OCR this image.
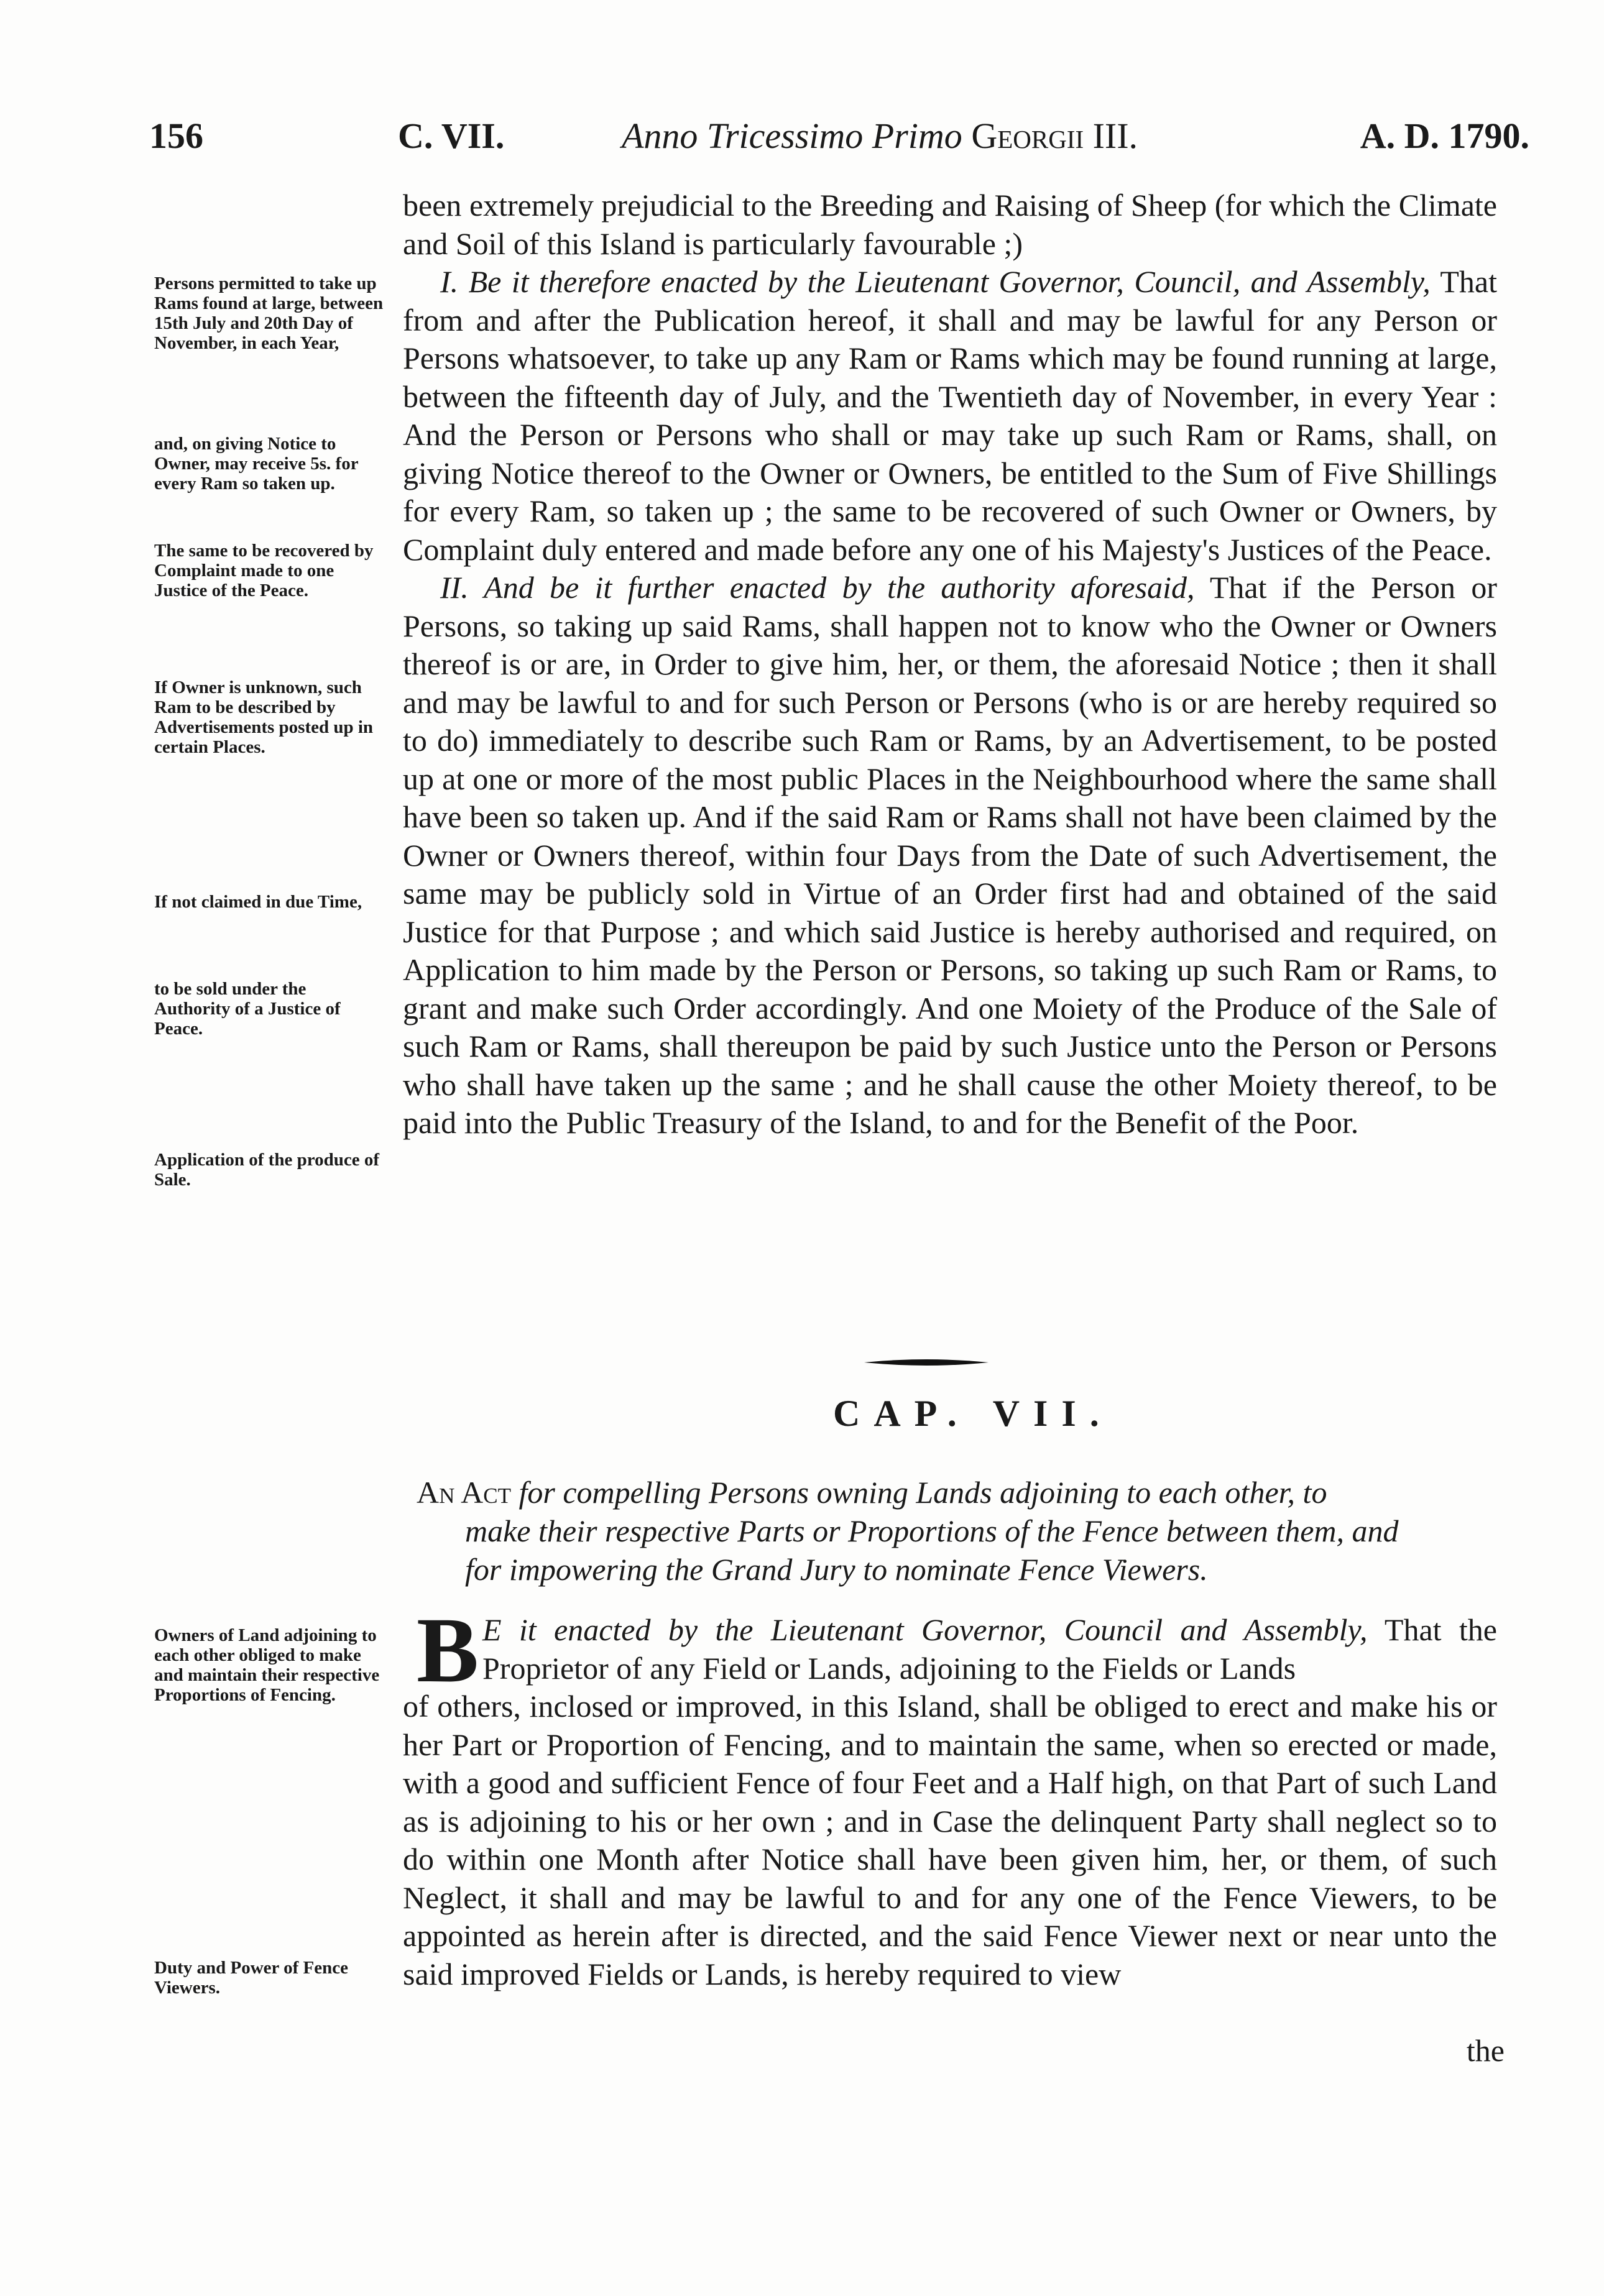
156	C. VII.	Anno Tricessimo Primo Georgii III.	A. D. 1790.

been extremely prejudicial to the Breeding and Raising of Sheep (for which the Climate and Soil of this Island is particularly favourable ;)

I. Be it therefore enacted by the Lieutenant Governor, Council, and Assembly, That from and after the Publication hereof, it shall and may be lawful for any Person or Persons whatsoever, to take up any Ram or Rams which may be found running at large, between the fifteenth day of July, and the Twentieth day of November, in every Year : And the Person or Persons who shall or may take up such Ram or Rams, shall, on giving Notice thereof to the Owner or Owners, be entitled to the Sum of Five Shillings for every Ram, so taken up ; the same to be recovered of such Owner or Owners, by Complaint duly entered and made before any one of his Majesty's Justices of the Peace.

II. And be it further enacted by the authority aforesaid, That if the Person or Persons, so taking up said Rams, shall happen not to know who the Owner or Owners thereof is or are, in Order to give him, her, or them, the aforesaid Notice ; then it shall and may be lawful to and for such Person or Persons (who is or are hereby required so to do) immediately to describe such Ram or Rams, by an Advertisement, to be posted up at one or more of the most public Places in the Neighbourhood where the same shall have been so taken up. And if the said Ram or Rams shall not have been claimed by the Owner or Owners thereof, within four Days from the Date of such Advertisement, the same may be publicly sold in Virtue of an Order first had and obtained of the said Justice for that Purpose ; and which said Justice is hereby authorised and required, on Application to him made by the Person or Persons, so taking up such Ram or Rams, to grant and make such Order accordingly. And one Moiety of the Produce of the Sale of such Ram or Rams, shall thereupon be paid by such Justice unto the Person or Persons who shall have taken up the same ; and he shall cause the other Moiety thereof, to be paid into the Public Treasury of the Island, to and for the Benefit of the Poor.

Persons permitted to take up Rams found at large, between 15th July and 20th Day of November, in each Year,
and, on giving Notice to Owner, may receive 5s. for every Ram so taken up.
The same to be recovered by Complaint made to one Justice of the Peace.
If Owner is unknown, such Ram to be described by Advertisements posted up in certain Places.
If not claimed in due Time,
to be sold under the Authority of a Justice of Peace.
Application of the produce of Sale.
Owners of Land adjoining to each other obliged to make and maintain their respective Proportions of Fencing.
Duty and Power of Fence Viewers.
CAP. VII.
An Act for compelling Persons owning Lands adjoining to each other, to
make their respective Parts or Proportions of the Fence between them, and
for impowering the Grand Jury to nominate Fence Viewers.
B E it enacted by the Lieutenant Governor, Council and Assembly, That the Proprietor of any Field or Lands, adjoining to the Fields or Lands
of others, inclosed or improved, in this Island, shall be obliged to erect and make his or her Part or Proportion of Fencing, and to maintain the same, when so erected or made, with a good and sufficient Fence of four Feet and a Half high, on that Part of such Land as is adjoining to his or her own ; and in Case the delinquent Party shall neglect so to do within one Month after Notice shall have been given him, her, or them, of such Neglect, it shall and may be lawful to and for any one of the Fence Viewers, to be appointed as herein after is directed, and the said Fence Viewer next or near unto the said improved Fields or Lands, is hereby required to view
the
